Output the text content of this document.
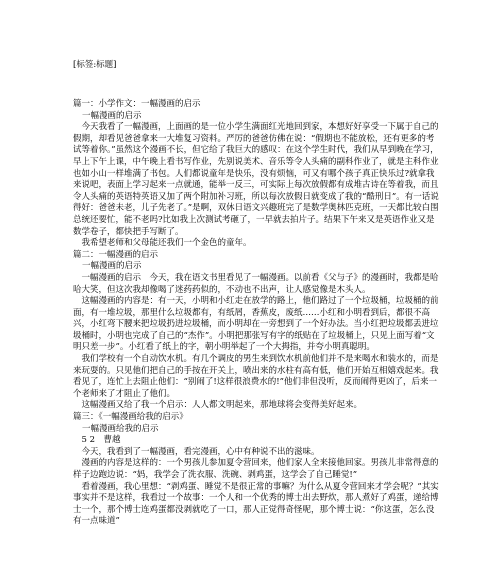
[标签:标题]

篇一：小学作文：一幅漫画的启示

一幅漫画的启示

　今天我看了一幅漫画，上面画的是一位小学生满面红光地回到家，本想好好享受一下属于自己的假期，却看见爸爸拿来一大堆复习资料。严厉的爸爸仿佛在说：“假期也不能放松，还有更多的考试等着你。”虽然这个漫画不长，但它给了我巨大的感叹：在这个学生时代，我们从早到晚在学习，早上下午上课，中午晚上看书写作业，先别说美术、音乐等令人头痛的副科作业了，就是主科作业也如小山一样堆满了书包。人们都说童年是快乐，没有烦恼，可又有哪个孩子真正快乐过?就拿我来说吧，表面上学习起来一点就通，能举一反三，可实际上每次放假都有成堆古诗在等着我，而且令人头痛的英语特英语又加了两个附加补习班，所以每次放假日就变成了我的“酷刑日”。有一话说得好：爸爸未老，儿子先老了。”是啊，双休日语文兴趣班完了是数学奥林匹克班，一天都比较白围总统还要忙，能不老吗?比如我上次测试考砸了，一早就去拍片子。结果下午来又是英语作业又是数学卷子，都快把手写断了。

　我希望老师和父母能还我们一个金色的童年。

篇二：一幅漫画的启示

一幅漫画的启示

　一幅漫画的启示　今天，我在语文书里看见了一幅漫画。以前看《父与子》的漫画时，我都是哈哈大笑，但这次我却像喝了迷药药似的，不动也不出声，让人感觉像是木头人。

　这幅漫画的内容是：有一天，小明和小红走在放学的路上，他们路过了一个垃圾桶，垃圾桶的前面，有一堆垃圾，那里什么垃圾都有，有纸屑，香蕉皮，废纸……小红和小明看到后，都很不高兴，小红弯下腰来把垃圾扔进垃圾桶，而小明却在一旁想到了一个好办法。当小红把垃圾都丢进垃圾桶时，小明也完成了自己的“杰作”。小明把那张写有字的纸贴在了垃圾桶上，只见上面写着“文明只差一步”。小红看了纸上的字，朝小明举起了一个大拇指，并夸小明真聪明。

　我们学校有一个自动饮水机。有几个调皮的男生来到饮水机前他们并不是来喝水和装水的，而是来玩耍的。只见他们把自己的手按在开关上，喷出来的水柱有高有低，他们开始互相嬉戏起来。我看见了，连忙上去阻止他们：“别闹了!这样很浪费水的!”他们非但没听，反而闹得更凶了，后来一个老师来了才阻止了他们。

　这幅漫画又给了我一个启示：人人都文明起来，那地球将会变得美好起来。

篇三：《一幅漫画给我的启示》

一幅漫画给我的启示

　5 2　曹越

　今天，我看到了一幅漫画，看完漫画，心中有种说不出的滋味。

　漫画的内容是这样的：一个男孩儿参加夏令营回来，他们家人全来接他回家。男孩儿非常得意的样子边跑边说：“妈，我学会了洗衣服、洗碗、剥鸡蛋，这学会了自己睡觉!”

　看着漫画，我心里想：“剥鸡蛋、睡觉不是很正常的事嘛？为什么从夏令营回来才学会呢？”其实事实并不是这样，我看过一个故事：一个人和一个优秀的博士出去野炊，那人煮好了鸡蛋，递给博士一个，那个博士连鸡蛋都没剥就吃了一口，那人正觉得奇怪呢，那个博士说：“你这蛋，怎么没有一点味道”
